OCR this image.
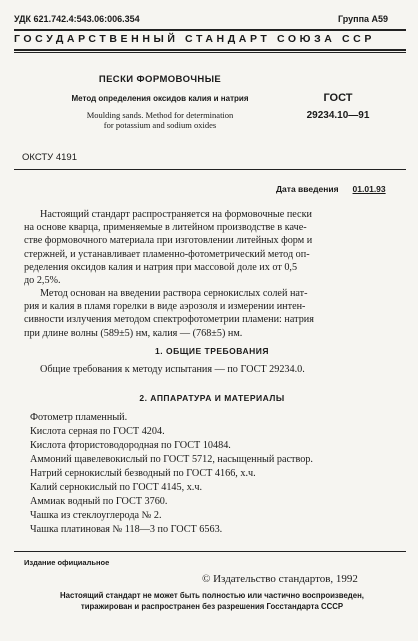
УДК 621.742.4:543.06:006.354	Группа А59
ГОСУДАРСТВЕННЫЙ СТАНДАРТ СОЮЗА ССР
ПЕСКИ ФОРМОВОЧНЫЕ
Метод определения оксидов калия и натрия
Moulding sands. Method for determination
for potassium and sodium oxides
ГОСТ
29234.10—91
ОКСТУ 4191
Дата введения 01.01.93
Настоящий стандарт распространяется на формовочные пески
на основе кварца, применяемые в литейном производстве в каче-
стве формовочного материала при изготовлении литейных форм и
стержней, и устанавливает пламенно-фотометрический метод оп-
ределения оксидов калия и натрия при массовой доле их от 0,5
до 2,5%.
Метод основан на введении раствора сернокислых солей нат-
рия и калия в пламя горелки в виде аэрозоля и измерении интен-
сивности излучения методом спектрофотометрии пламени: натрия
при длине волны (589±5) нм, калия — (768±5) нм.
1. ОБЩИЕ ТРЕБОВАНИЯ
Общие требования к методу испытания — по ГОСТ 29234.0.
2. АППАРАТУРА И МАТЕРИАЛЫ
Фотометр пламенный.
Кислота серная по ГОСТ 4204.
Кислота фтористоводородная по ГОСТ 10484.
Аммоний щавелевокислый по ГОСТ 5712, насыщенный раствор.
Натрий сернокислый безводный по ГОСТ 4166, х.ч.
Калий сернокислый по ГОСТ 4145, х.ч.
Аммиак водный по ГОСТ 3760.
Чашка из стеклоуглерода № 2.
Чашка платиновая № 118—3 по ГОСТ 6563.
Издание официальное
© Издательство стандартов, 1992
Настоящий стандарт не может быть полностью или частично воспроизведен,
тиражирован и распространен без разрешения Госстандарта СССР
